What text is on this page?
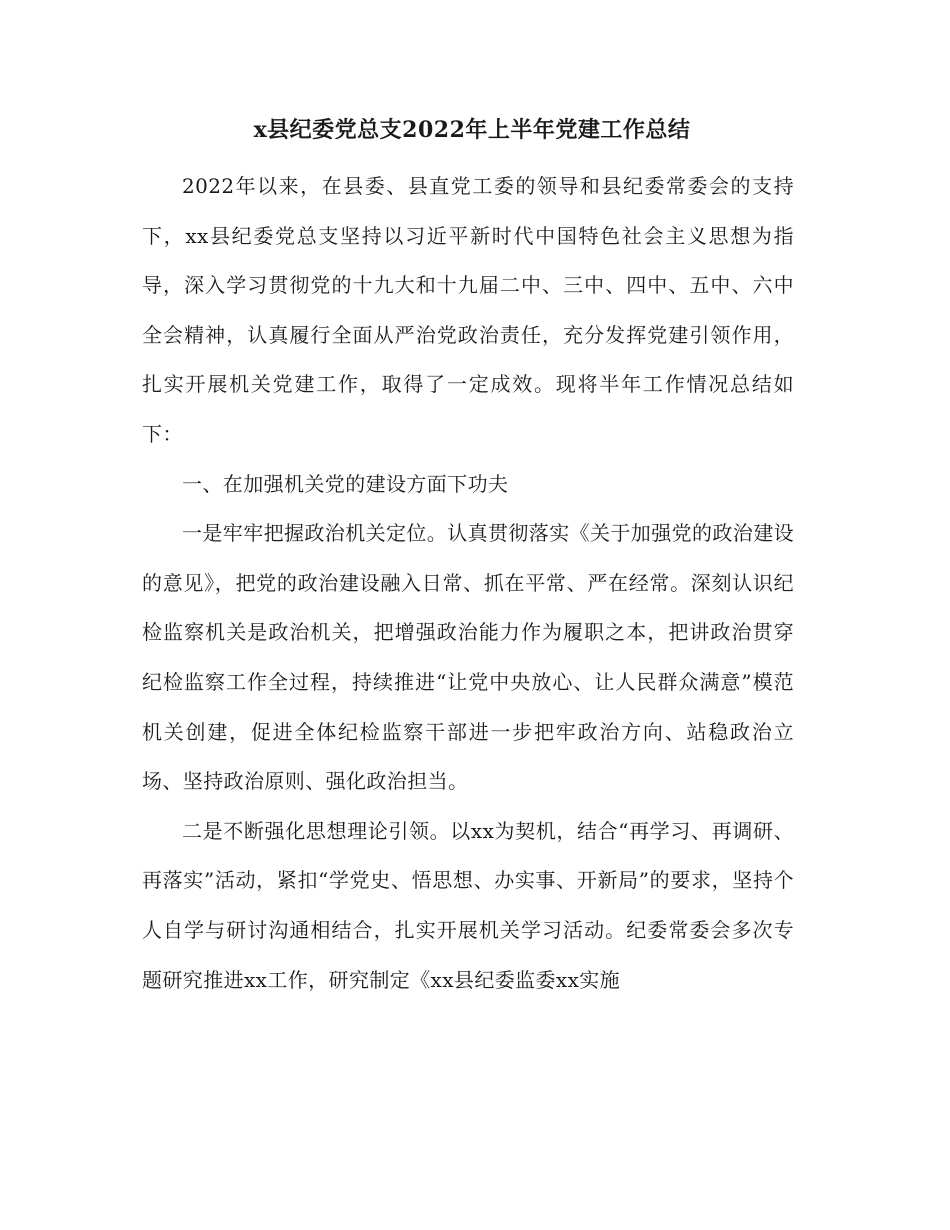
x县纪委党总支2022年上半年党建工作总结

2022年以来，在县委、县直党工委的领导和县纪委常委会的支持下，xx县纪委党总支坚持以习近平新时代中国特色社会主义思想为指导，深入学习贯彻党的十九大和十九届二中、三中、四中、五中、六中全会精神，认真履行全面从严治党政治责任，充分发挥党建引领作用，扎实开展机关党建工作，取得了一定成效。现将半年工作情况总结如下：

一、在加强机关党的建设方面下功夫

一是牢牢把握政治机关定位。认真贯彻落实《关于加强党的政治建设的意见》，把党的政治建设融入日常、抓在平常、严在经常。深刻认识纪检监察机关是政治机关，把增强政治能力作为履职之本，把讲政治贯穿纪检监察工作全过程，持续推进“让党中央放心、让人民群众满意”模范机关创建，促进全体纪检监察干部进一步把牢政治方向、站稳政治立场、坚持政治原则、强化政治担当。

二是不断强化思想理论引领。以xx为契机，结合“再学习、再调研、再落实”活动，紧扣“学党史、悟思想、办实事、开新局”的要求，坚持个人自学与研讨沟通相结合，扎实开展机关学习活动。纪委常委会多次专题研究推进xx工作，研究制定《xx县纪委监委xx实施
